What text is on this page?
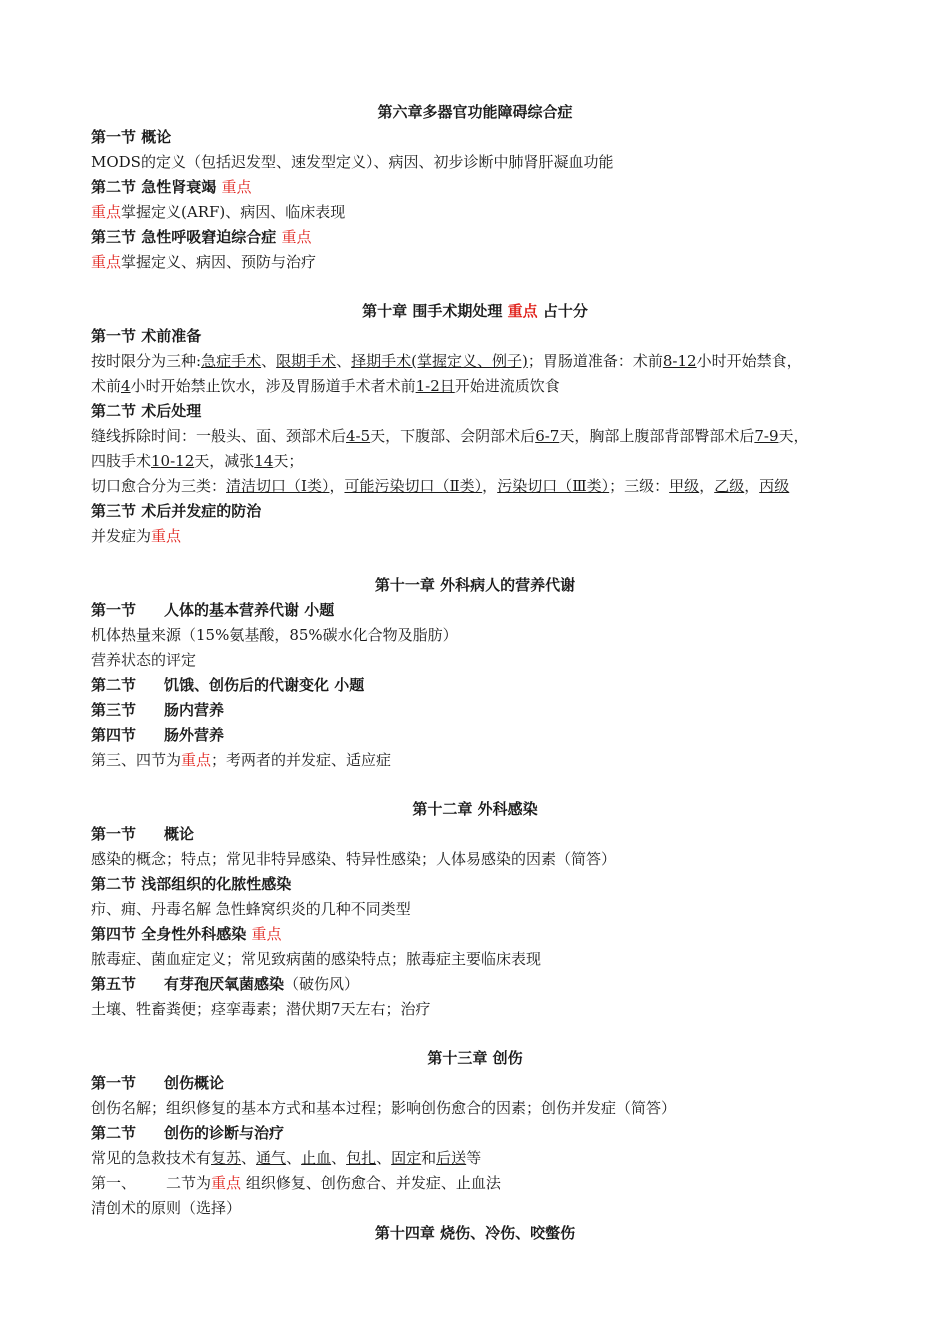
第六章多器官功能障碍综合症
第一节 概论
MODS的定义（包括迟发型、速发型定义）、病因、初步诊断中肺肾肝凝血功能
第二节 急性肾衰竭 重点
重点掌握定义(ARF)、病因、临床表现
第三节 急性呼吸窘迫综合症 重点
重点掌握定义、病因、预防与治疗
第十章 围手术期处理 重点 占十分
第一节 术前准备
按时限分为三种:急症手术、限期手术、择期手术(掌握定义、例子)；胃肠道准备：术前8-12小时开始禁食，
术前4小时开始禁止饮水，涉及胃肠道手术者术前1-2日开始进流质饮食
第二节 术后处理
缝线拆除时间：一般头、面、颈部术后4-5天，下腹部、会阴部术后6-7天，胸部上腹部背部臀部术后7-9天，
四肢手术10-12天，减张14天；
切口愈合分为三类：清洁切口（Ⅰ类），可能污染切口（Ⅱ类），污染切口（Ⅲ类）；三级：甲级，乙级，丙级
第三节 术后并发症的防治
并发症为重点
第十一章 外科病人的营养代谢
第一节 人体的基本营养代谢 小题
机体热量来源（15%氨基酸，85%碳水化合物及脂肪）
营养状态的评定
第二节 饥饿、创伤后的代谢变化 小题
第三节 肠内营养
第四节 肠外营养
第三、四节为重点；考两者的并发症、适应症
第十二章 外科感染
第一节 概论
感染的概念；特点；常见非特异感染、特异性感染；人体易感染的因素（简答）
第二节 浅部组织的化脓性感染
疖、痈、丹毒名解 急性蜂窝织炎的几种不同类型
第四节 全身性外科感染 重点
脓毒症、菌血症定义；常见致病菌的感染特点；脓毒症主要临床表现
第五节 有芽孢厌氧菌感染（破伤风）
土壤、牲畜粪便；痉挛毒素；潜伏期7天左右；治疗
第十三章 创伤
第一节 创伤概论
创伤名解；组织修复的基本方式和基本过程；影响创伤愈合的因素；创伤并发症（简答）
第二节 创伤的诊断与治疗
常见的急救技术有复苏、通气、止血、包扎、固定和后送等
第一、 二节为重点 组织修复、创伤愈合、并发症、止血法
清创术的原则（选择）
第十四章 烧伤、冷伤、咬螫伤
